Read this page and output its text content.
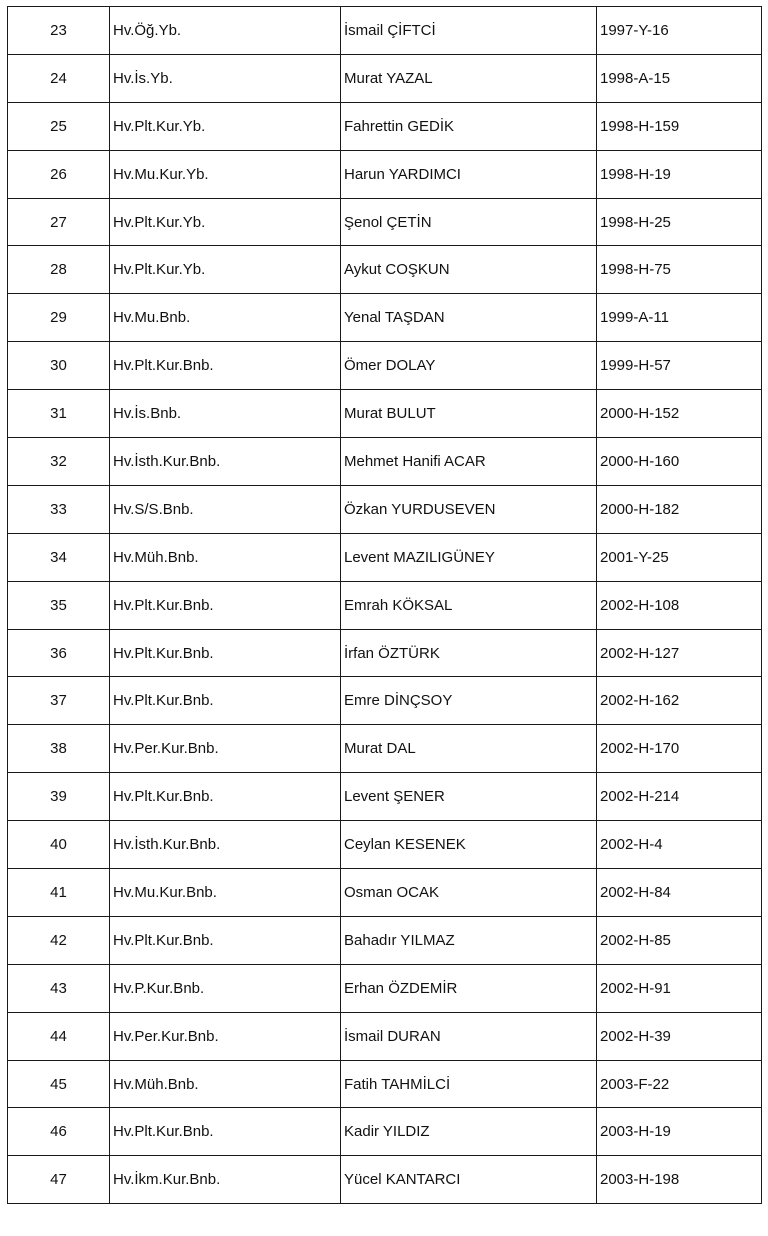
23	Hv.Öğ.Yb.	İsmail ÇİFTCİ	1997-Y-16
24	Hv.İs.Yb.	Murat YAZAL	1998-A-15
25	Hv.Plt.Kur.Yb.	Fahrettin GEDİK	1998-H-159
26	Hv.Mu.Kur.Yb.	Harun YARDIMCI	1998-H-19
27	Hv.Plt.Kur.Yb.	Şenol ÇETİN	1998-H-25
28	Hv.Plt.Kur.Yb.	Aykut COŞKUN	1998-H-75
29	Hv.Mu.Bnb.	Yenal TAŞDAN	1999-A-11
30	Hv.Plt.Kur.Bnb.	Ömer DOLAY	1999-H-57
31	Hv.İs.Bnb.	Murat BULUT	2000-H-152
32	Hv.İsth.Kur.Bnb.	Mehmet Hanifi ACAR	2000-H-160
33	Hv.S/S.Bnb.	Özkan YURDUSEVEN	2000-H-182
34	Hv.Müh.Bnb.	Levent MAZILIGÜNEY	2001-Y-25
35	Hv.Plt.Kur.Bnb.	Emrah KÖKSAL	2002-H-108
36	Hv.Plt.Kur.Bnb.	İrfan ÖZTÜRK	2002-H-127
37	Hv.Plt.Kur.Bnb.	Emre DİNÇSOY	2002-H-162
38	Hv.Per.Kur.Bnb.	Murat DAL	2002-H-170
39	Hv.Plt.Kur.Bnb.	Levent ŞENER	2002-H-214
40	Hv.İsth.Kur.Bnb.	Ceylan KESENEK	2002-H-4
41	Hv.Mu.Kur.Bnb.	Osman OCAK	2002-H-84
42	Hv.Plt.Kur.Bnb.	Bahadır YILMAZ	2002-H-85
43	Hv.P.Kur.Bnb.	Erhan ÖZDEMİR	2002-H-91
44	Hv.Per.Kur.Bnb.	İsmail DURAN	2002-H-39
45	Hv.Müh.Bnb.	Fatih TAHMİLCİ	2003-F-22
46	Hv.Plt.Kur.Bnb.	Kadir YILDIZ	2003-H-19
47	Hv.İkm.Kur.Bnb.	Yücel KANTARCI	2003-H-198
